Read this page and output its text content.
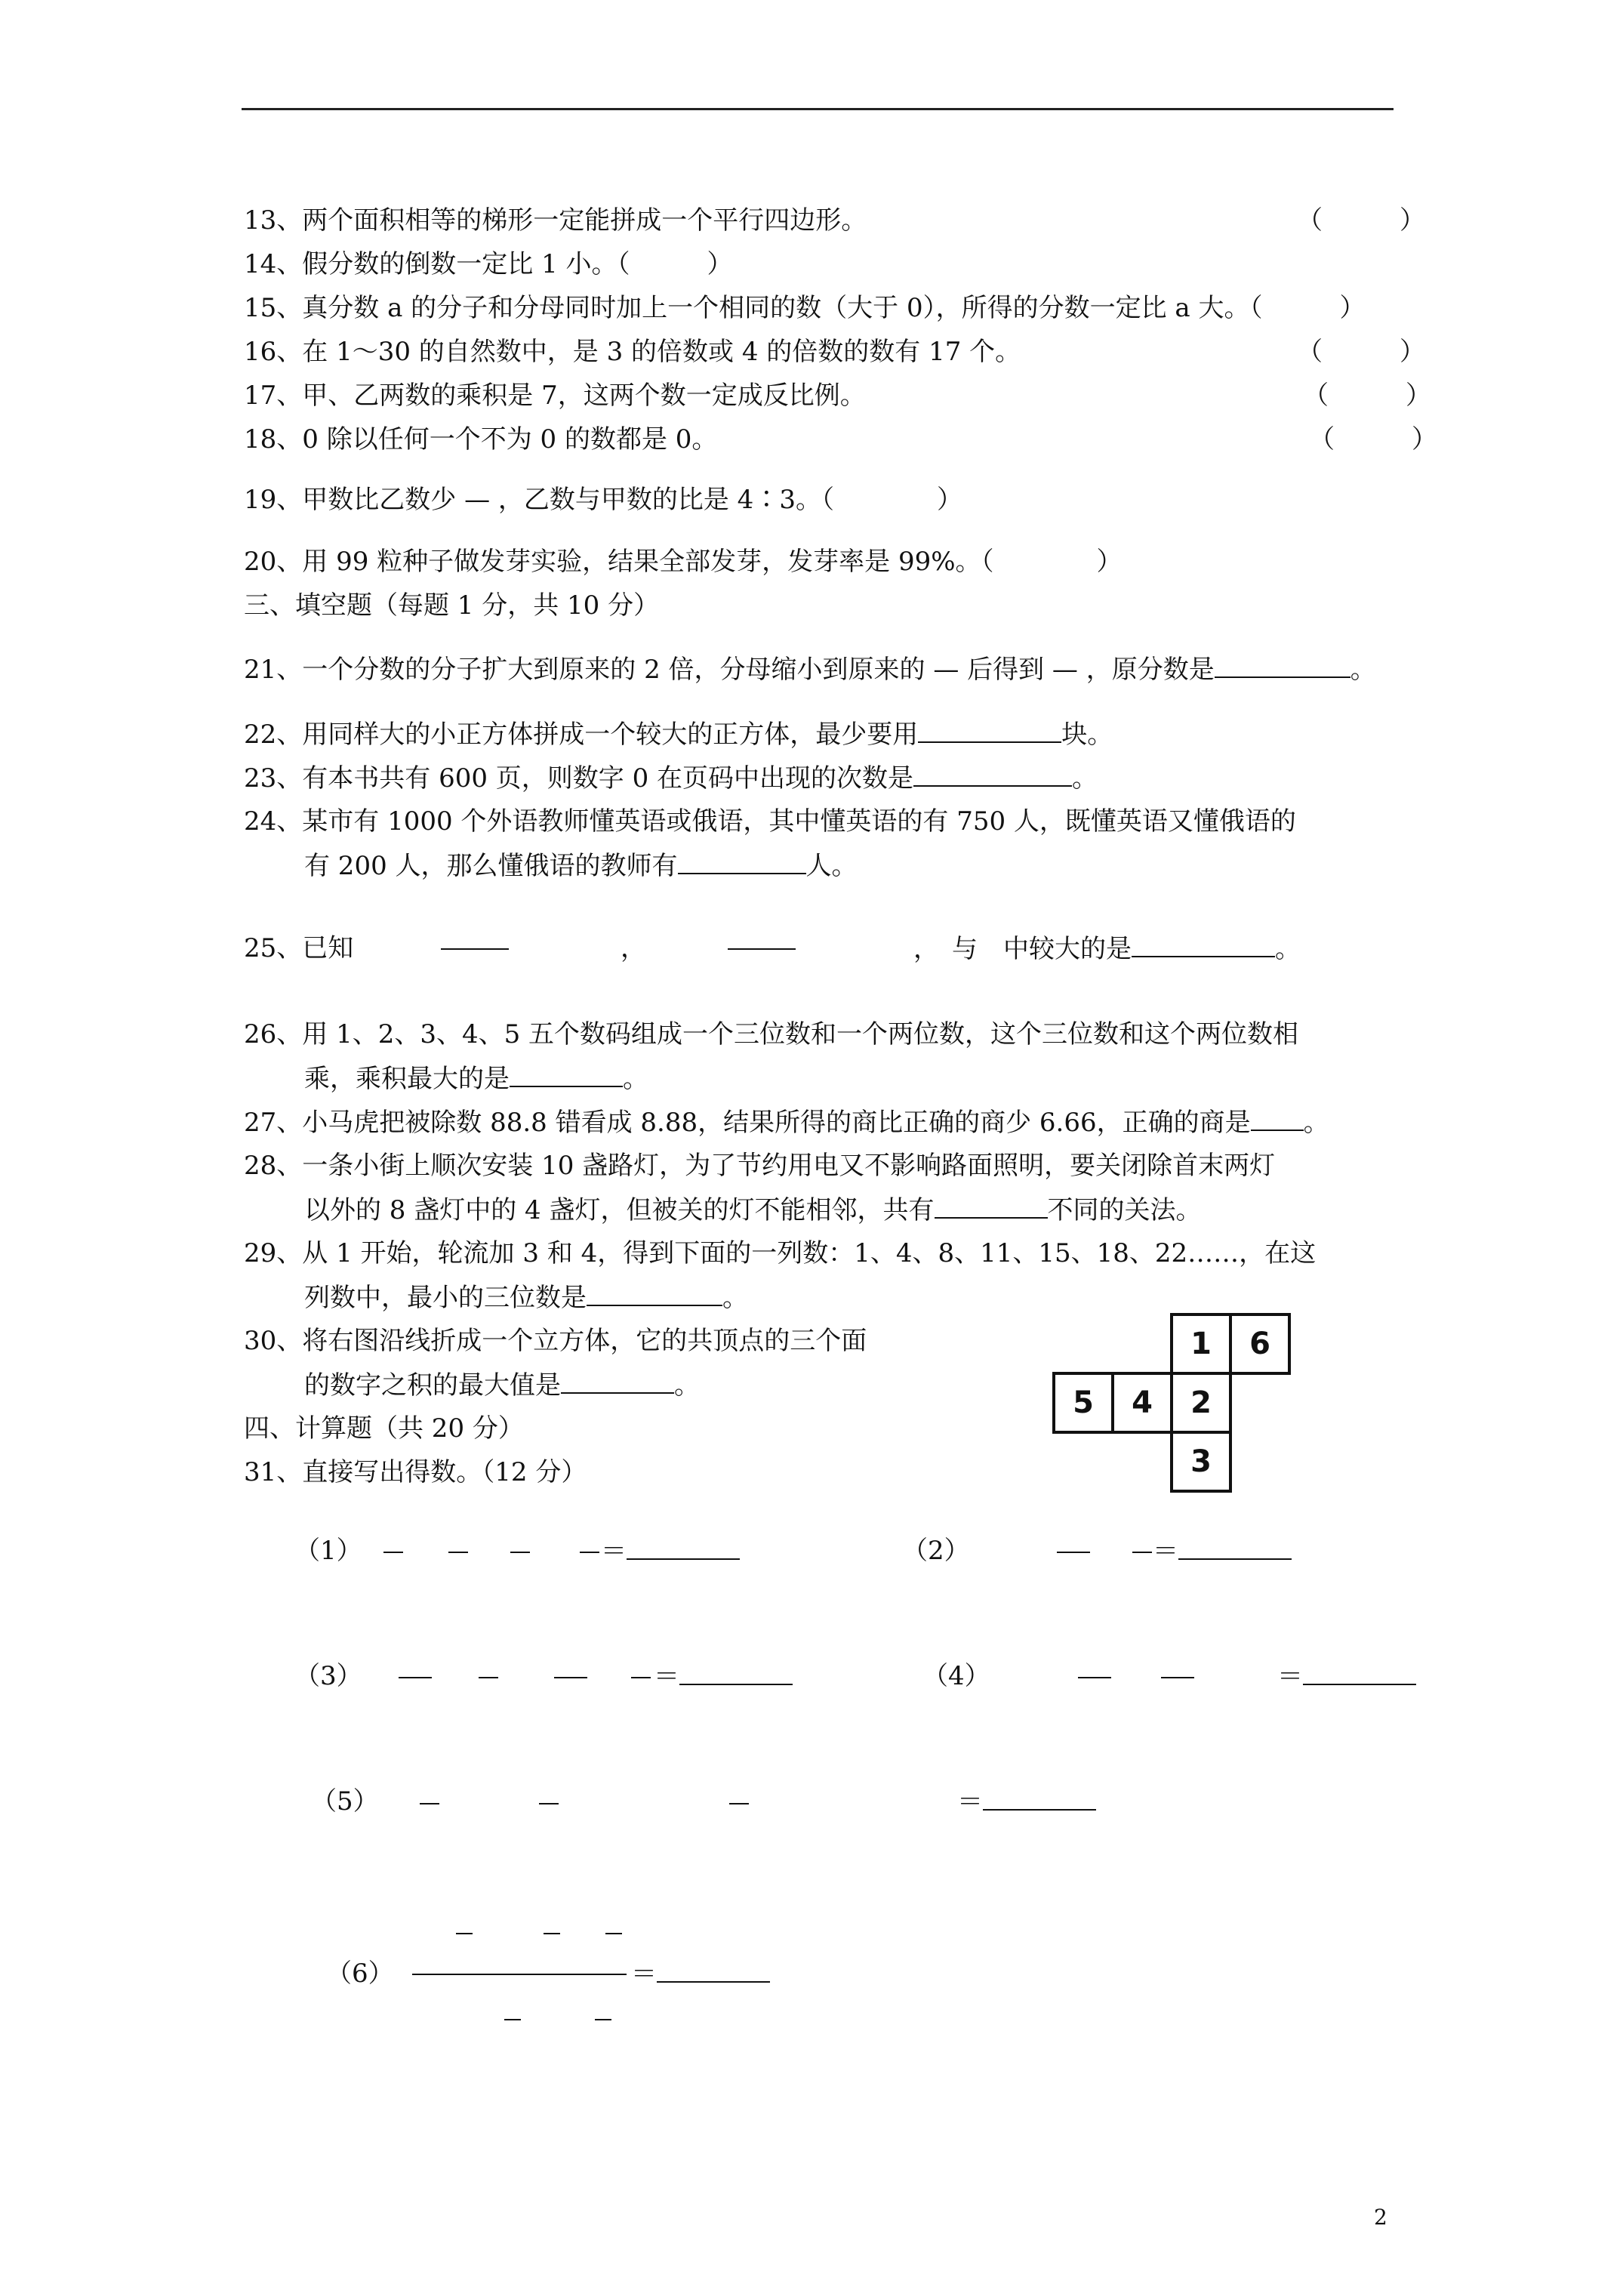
13、两个面积相等的梯形一定能拼成一个平行四边形。	（　　　）
14、假分数的倒数一定比 1 小。（　　　）
15、真分数 a 的分子和分母同时加上一个相同的数（大于 0），所得的分数一定比 a 大。（　　　）
16、在 1～30 的自然数中，是 3 的倍数或 4 的倍数的数有 17 个。	（　　　）
17、甲、乙两数的乘积是 7，这两个数一定成反比例。	（　　　）
18、0 除以任何一个不为 0 的数都是 0。	（　　　）
19、甲数比乙数少 — ，乙数与甲数的比是 4∶3。（　　　　）
20、用 99 粒种子做发芽实验，结果全部发芽，发芽率是 99%。（　　　　）
三、填空题（每题 1 分，共 10 分）
21、一个分数的分子扩大到原来的 2 倍，分母缩小到原来的 — 后得到 — ，原分数是	。
22、用同样大的小正方体拼成一个较大的正方体，最少要用	块。
23、有本书共有 600 页，则数字 0 在页码中出现的次数是	。
24、某市有 1000 个外语教师懂英语或俄语，其中懂英语的有 750 人，既懂英语又懂俄语的
有 200 人，那么懂俄语的教师有	人。
25、已知	，	，　与　中较大的是	。
26、用 1、2、3、4、5 五个数码组成一个三位数和一个两位数，这个三位数和这个两位数相
乘，乘积最大的是	。
27、小马虎把被除数 88.8 错看成 8.88，结果所得的商比正确的商少 6.66，正确的商是 。
28、一条小街上顺次安装 10 盏路灯，为了节约用电又不影响路面照明，要关闭除首末两灯
以外的 8 盏灯中的 4 盏灯，但被关的灯不能相邻，共有	不同的关法。
29、从 1 开始，轮流加 3 和 4，得到下面的一列数：1、4、8、11、15、18、22……，在这
列数中，最小的三位数是	。
30、将右图沿线折成一个立方体，它的共顶点的三个面
的数字之积的最大值是	。
1	6
5	4	2
3
四、计算题（共 20 分）
31、直接写出得数。（12 分）
（1）	＝	（2）	＝
（3）	＝	（4）	＝
（5）	＝
（6）	＝
2
